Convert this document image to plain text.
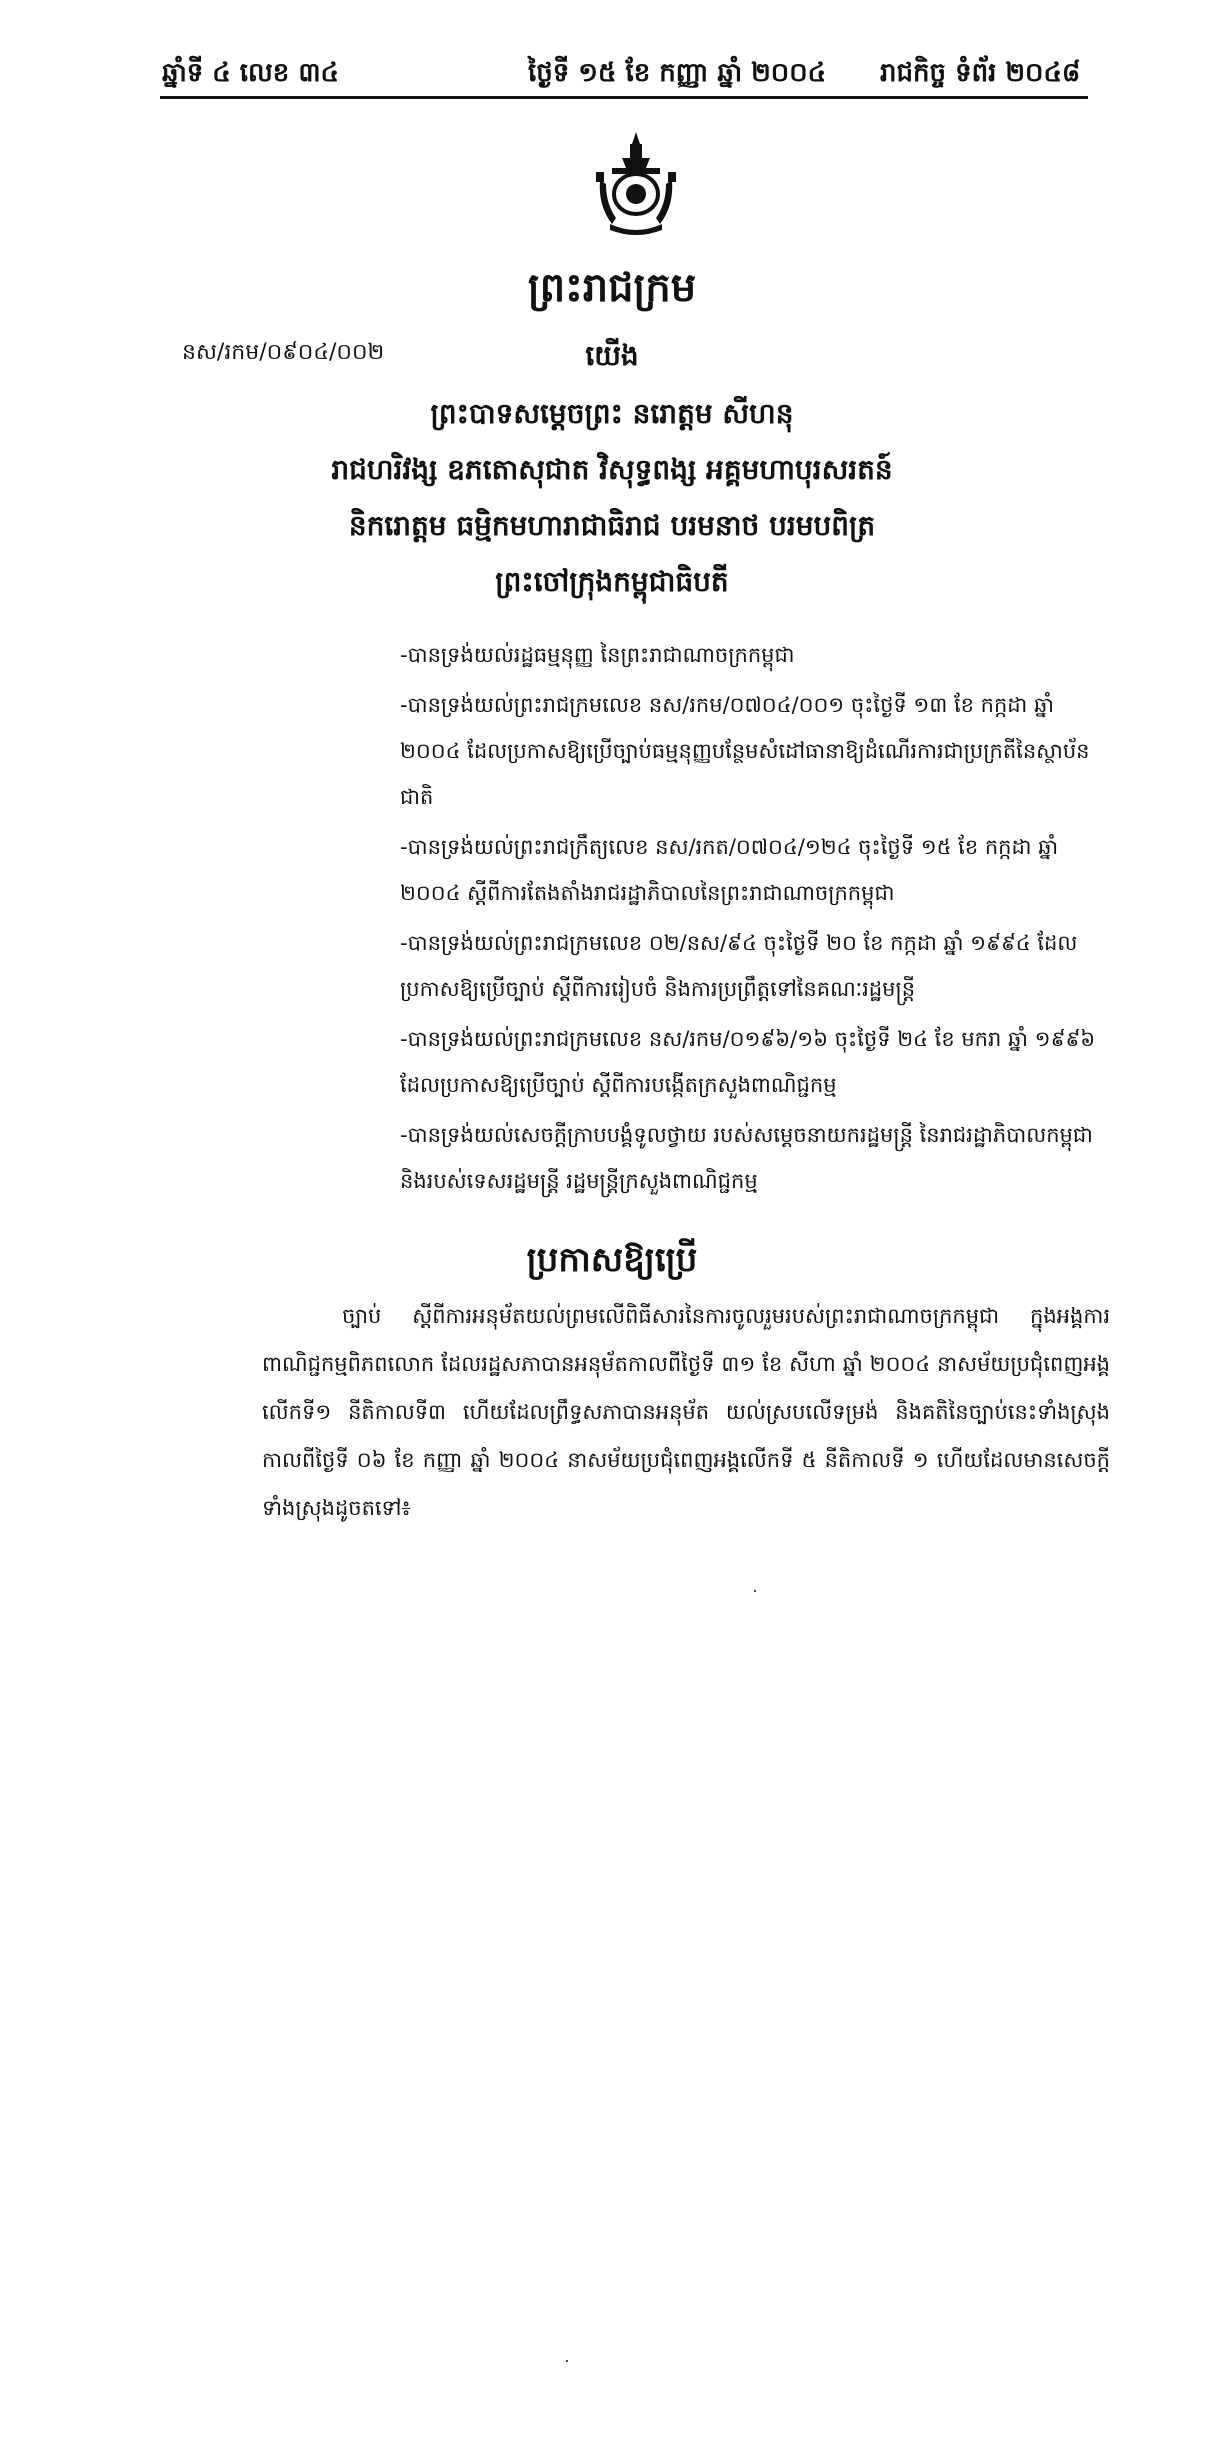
ឆ្នាំទី ៤ លេខ ៣៤	ថ្ងៃទី ១៥ ខែ កញ្ញា ឆ្នាំ ២០០៤ រាជកិច្ច ទំព័រ ២០៤៨
ព្រះរាជក្រម
នស/រកម/០៩០៤/០០២	យើង
ព្រះបាទសម្តេចព្រះ នរោត្តម សីហនុ
រាជហរិវង្ស ឧភតោសុជាត វិសុទ្ធពង្ស អគ្គមហាបុរសរតន៍
និករោត្តម ធម្មិកមហារាជាធិរាជ បរមនាថ បរមបពិត្រ
ព្រះចៅក្រុងកម្ពុជាធិបតី

-បានទ្រង់យល់រដ្ឋធម្មនុញ្ញ នៃព្រះរាជាណាចក្រកម្ពុជា

-បានទ្រង់យល់ព្រះរាជក្រមលេខ នស/រកម/០៧០៤/០០១ ចុះថ្ងៃទី ១៣ ខែ កក្កដា ឆ្នាំ ២០០៤ ដែលប្រកាសឱ្យប្រើច្បាប់ធម្មនុញ្ញបន្ថែមសំដៅធានាឱ្យដំណើរការជាប្រក្រតីនៃស្ថាប័នជាតិ

-បានទ្រង់យល់ព្រះរាជក្រឹត្យលេខ នស/រកត/០៧០៤/១២៤ ចុះថ្ងៃទី ១៥ ខែ កក្កដា ឆ្នាំ ២០០៤ ស្តីពីការតែងតាំងរាជរដ្ឋាភិបាលនៃព្រះរាជាណាចក្រកម្ពុជា

-បានទ្រង់យល់ព្រះរាជក្រមលេខ ០២/នស/៩៤ ចុះថ្ងៃទី ២០ ខែ កក្កដា ឆ្នាំ ១៩៩៤ ដែលប្រកាសឱ្យប្រើច្បាប់ ស្តីពីការរៀបចំ និងការប្រព្រឹត្តទៅនៃគណៈរដ្ឋមន្ត្រី

-បានទ្រង់យល់ព្រះរាជក្រមលេខ នស/រកម/០១៩៦/១៦ ចុះថ្ងៃទី ២៤ ខែ មករា ឆ្នាំ ១៩៩៦ ដែលប្រកាសឱ្យប្រើច្បាប់ ស្តីពីការបង្កើតក្រសួងពាណិជ្ជកម្ម

-បានទ្រង់យល់សេចក្តីក្រាបបង្គំទូលថ្វាយ របស់សម្តេចនាយករដ្ឋមន្ត្រី នៃរាជរដ្ឋាភិបាលកម្ពុជា និងរបស់ទេសរដ្ឋមន្ត្រី រដ្ឋមន្ត្រីក្រសួងពាណិជ្ជកម្ម

ប្រកាសឱ្យប្រើ
ច្បាប់ ស្តីពីការអនុម័តយល់ព្រមលើពិធីសារនៃការចូលរួមរបស់ព្រះរាជាណាចក្រកម្ពុជា ក្នុងអង្គការពាណិជ្ជកម្មពិភពលោក ដែលរដ្ឋសភាបានអនុម័តកាលពីថ្ងៃទី ៣១ ខែ សីហា ឆ្នាំ ២០០៤ នាសម័យប្រជុំពេញអង្គលើកទី១ នីតិកាលទី៣ ហើយដែលព្រឹទ្ធសភាបានអនុម័ត យល់ស្របលើទម្រង់ និងគតិនៃច្បាប់នេះទាំងស្រុង កាលពីថ្ងៃទី ០៦ ខែ កញ្ញា ឆ្នាំ ២០០៤ នាសម័យប្រជុំពេញអង្គលើកទី ៥ នីតិកាលទី ១ ហើយដែលមានសេចក្តីទាំងស្រុងដូចតទៅ៖
